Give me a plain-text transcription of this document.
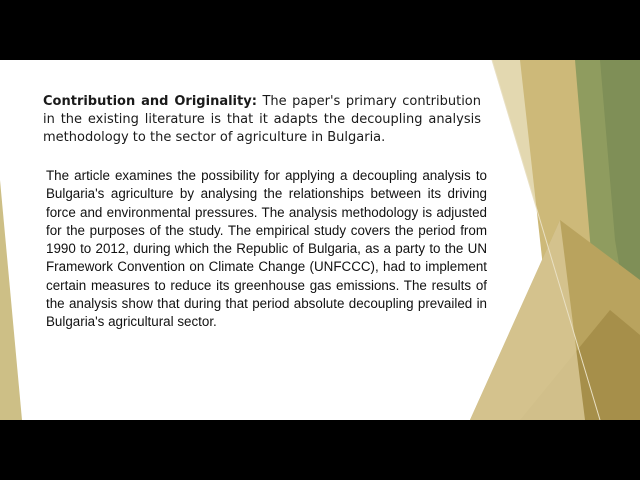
Contribution and Originality: The paper's primary contribution in the existing literature is that it adapts the decoupling analysis methodology to the sector of agriculture in Bulgaria.
The article examines the possibility for applying a decoupling analysis to Bulgaria's agriculture by analysing the relationships between its driving force and environmental pressures. The analysis methodology is adjusted for the purposes of the study. The empirical study covers the period from 1990 to 2012, during which the Republic of Bulgaria, as a party to the UN Framework Convention on Climate Change (UNFCCC), had to implement certain measures to reduce its greenhouse gas emissions. The results of the analysis show that during that period absolute decoupling prevailed in Bulgaria's agricultural sector.
